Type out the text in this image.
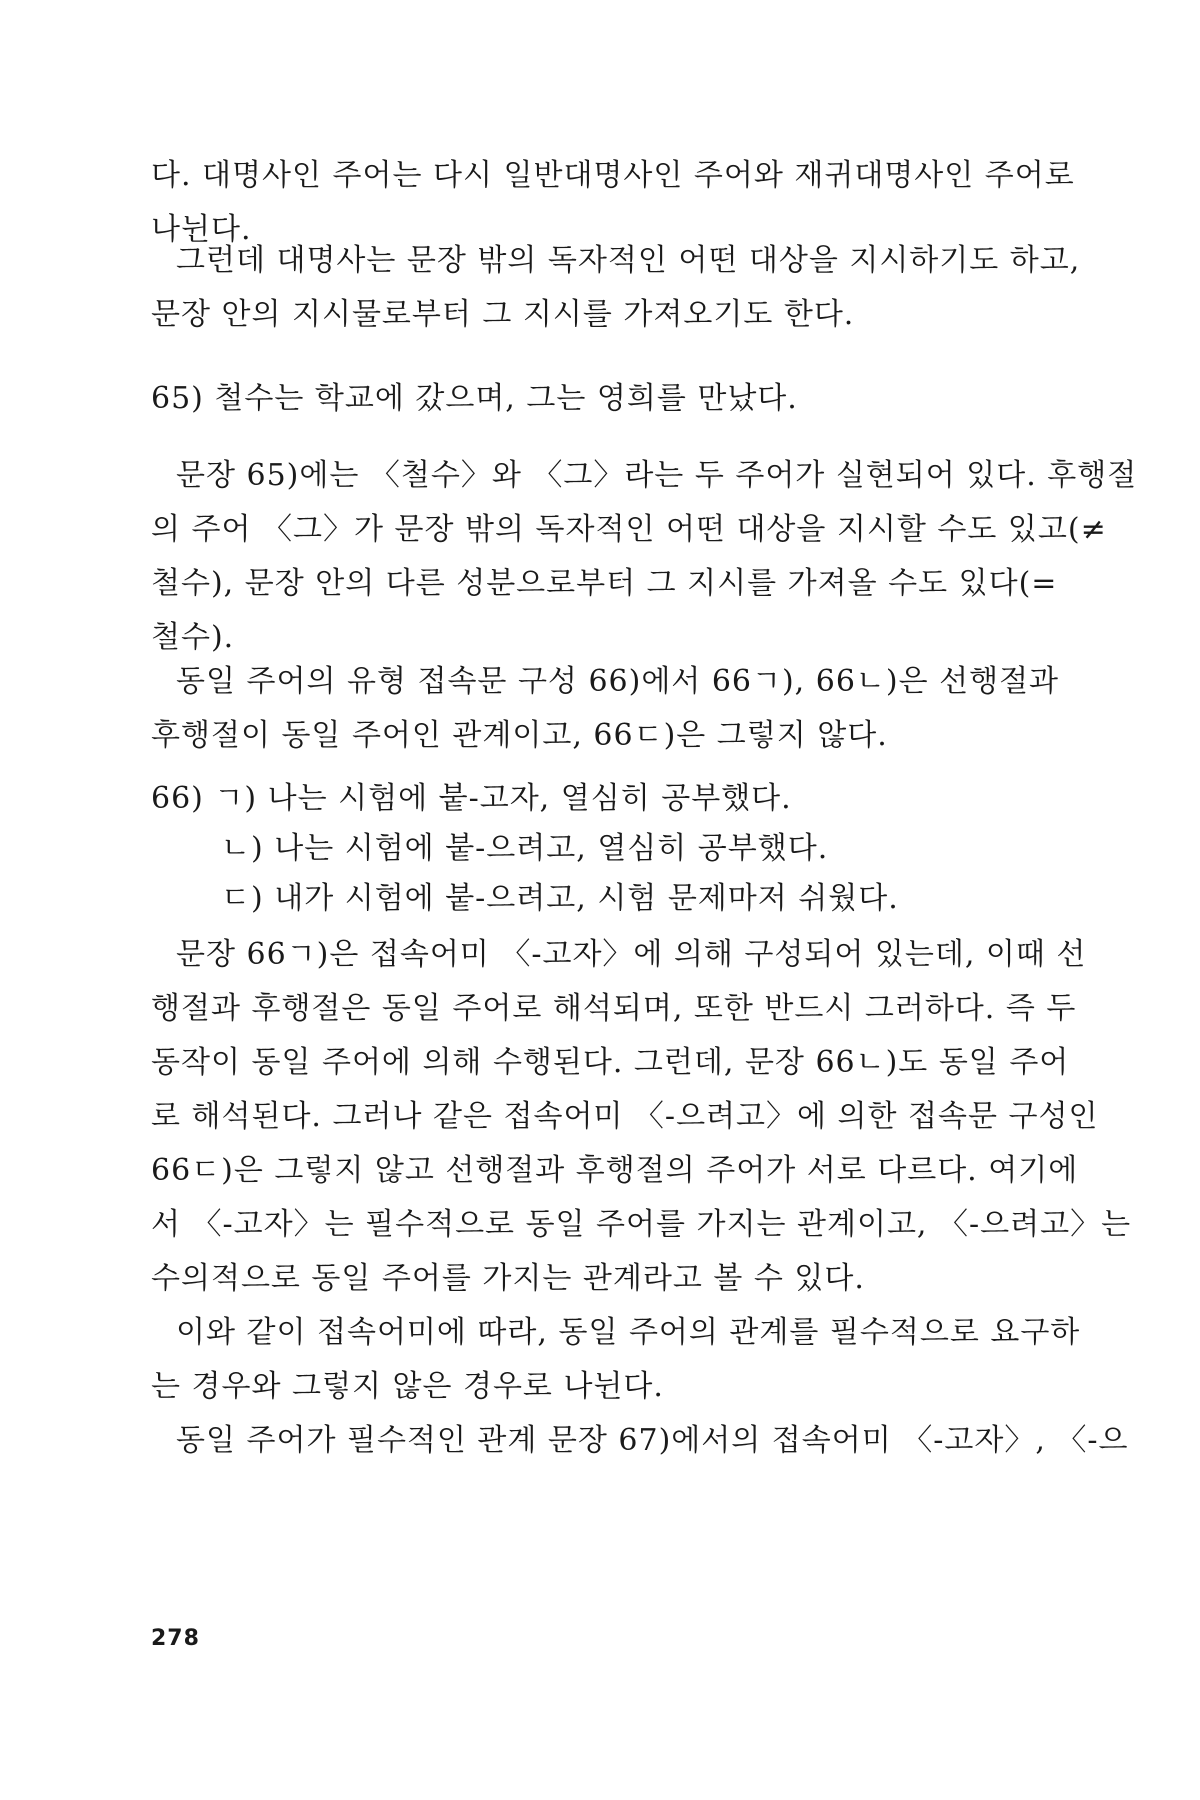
다. 대명사인 주어는 다시 일반대명사인 주어와 재귀대명사인 주어로
나뉜다.
그런데 대명사는 문장 밖의 독자적인 어떤 대상을 지시하기도 하고,
문장 안의 지시물로부터 그 지시를 가져오기도 한다.
65) 철수는 학교에 갔으며, 그는 영희를 만났다.
문장 65)에는 〈철수〉와 〈그〉라는 두 주어가 실현되어 있다. 후행절
의 주어 〈그〉가 문장 밖의 독자적인 어떤 대상을 지시할 수도 있고(≠
철수), 문장 안의 다른 성분으로부터 그 지시를 가져올 수도 있다(=
철수).
동일 주어의 유형 접속문 구성 66)에서 66ㄱ), 66ㄴ)은 선행절과
후행절이 동일 주어인 관계이고, 66ㄷ)은 그렇지 않다.
66) ㄱ) 나는 시험에 붙-고자, 열심히 공부했다.
ㄴ) 나는 시험에 붙-으려고, 열심히 공부했다.
ㄷ) 내가 시험에 붙-으려고, 시험 문제마저 쉬웠다.
문장 66ㄱ)은 접속어미 〈-고자〉에 의해 구성되어 있는데, 이때 선
행절과 후행절은 동일 주어로 해석되며, 또한 반드시 그러하다. 즉 두
동작이 동일 주어에 의해 수행된다. 그런데, 문장 66ㄴ)도 동일 주어
로 해석된다. 그러나 같은 접속어미 〈-으려고〉에 의한 접속문 구성인
66ㄷ)은 그렇지 않고 선행절과 후행절의 주어가 서로 다르다. 여기에
서 〈-고자〉는 필수적으로 동일 주어를 가지는 관계이고, 〈-으려고〉는
수의적으로 동일 주어를 가지는 관계라고 볼 수 있다.
이와 같이 접속어미에 따라, 동일 주어의 관계를 필수적으로 요구하
는 경우와 그렇지 않은 경우로 나뉜다.
동일 주어가 필수적인 관계 문장 67)에서의 접속어미 〈-고자〉, 〈-으
278
